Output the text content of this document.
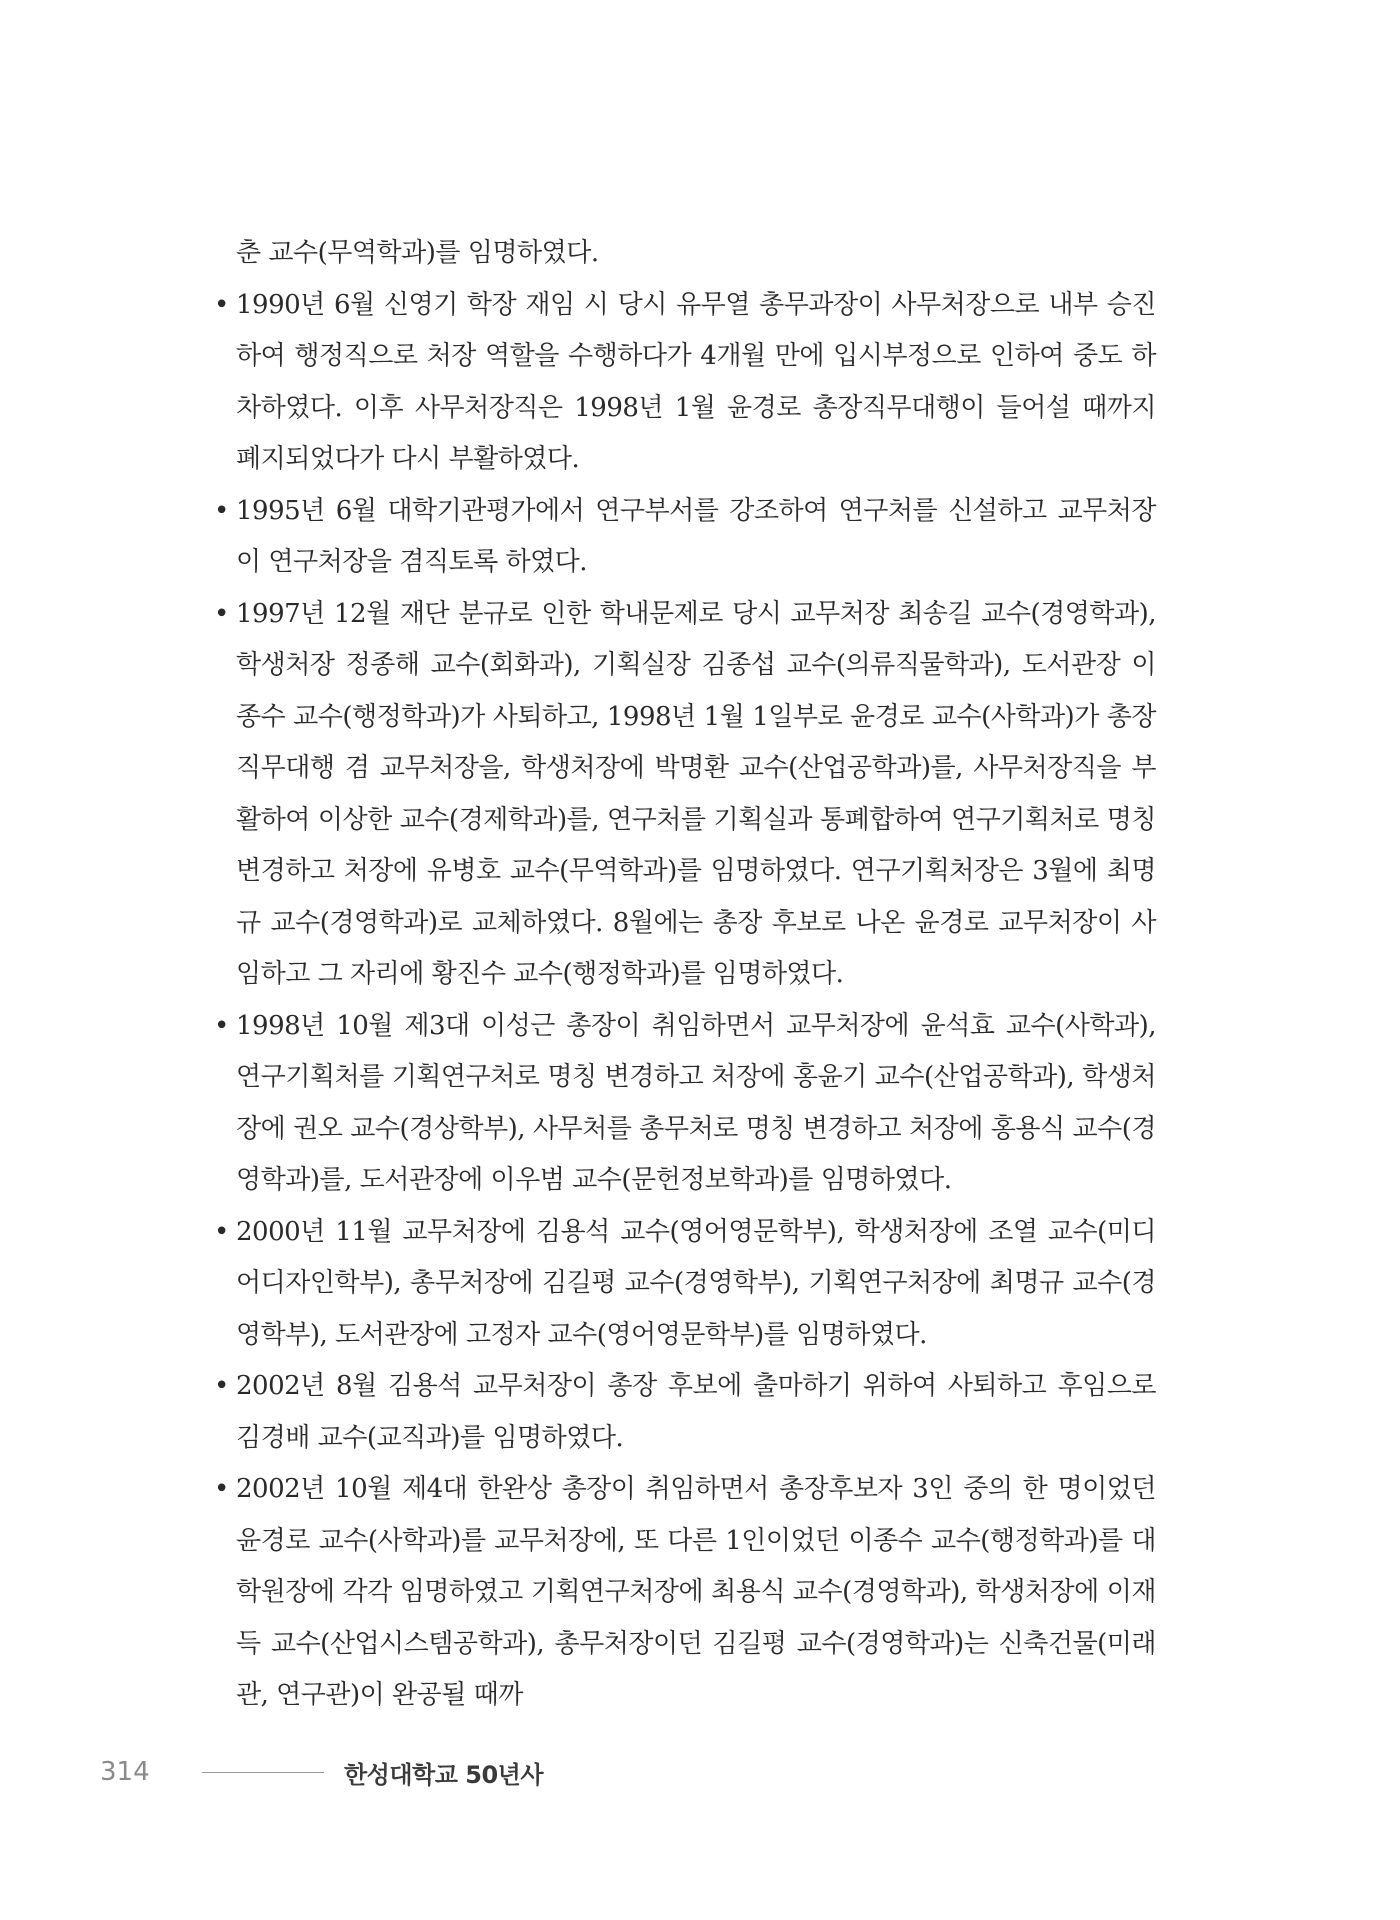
춘 교수(무역학과)를 임명하였다.

• 1990년 6월 신영기 학장 재임 시 당시 유무열 총무과장이 사무처장으로 내부 승진하여 행정직으로 처장 역할을 수행하다가 4개월 만에 입시부정으로 인하여 중도 하차하였다. 이후 사무처장직은 1998년 1월 윤경로 총장직무대행이 들어설 때까지 폐지되었다가 다시 부활하였다.
• 1995년 6월 대학기관평가에서 연구부서를 강조하여 연구처를 신설하고 교무처장이 연구처장을 겸직토록 하였다.
• 1997년 12월 재단 분규로 인한 학내문제로 당시 교무처장 최송길 교수(경영학과), 학생처장 정종해 교수(회화과), 기획실장 김종섭 교수(의류직물학과), 도서관장 이종수 교수(행정학과)가 사퇴하고, 1998년 1월 1일부로 윤경로 교수(사학과)가 총장직무대행 겸 교무처장을, 학생처장에 박명환 교수(산업공학과)를, 사무처장직을 부활하여 이상한 교수(경제학과)를, 연구처를 기획실과 통폐합하여 연구기획처로 명칭변경하고 처장에 유병호 교수(무역학과)를 임명하였다. 연구기획처장은 3월에 최명규 교수(경영학과)로 교체하였다. 8월에는 총장 후보로 나온 윤경로 교무처장이 사임하고 그 자리에 황진수 교수(행정학과)를 임명하였다.
• 1998년 10월 제3대 이성근 총장이 취임하면서 교무처장에 윤석효 교수(사학과), 연구기획처를 기획연구처로 명칭 변경하고 처장에 홍윤기 교수(산업공학과), 학생처장에 권오 교수(경상학부), 사무처를 총무처로 명칭 변경하고 처장에 홍용식 교수(경영학과)를, 도서관장에 이우범 교수(문헌정보학과)를 임명하였다.
• 2000년 11월 교무처장에 김용석 교수(영어영문학부), 학생처장에 조열 교수(미디어디자인학부), 총무처장에 김길평 교수(경영학부), 기획연구처장에 최명규 교수(경영학부), 도서관장에 고정자 교수(영어영문학부)를 임명하였다.
• 2002년 8월 김용석 교무처장이 총장 후보에 출마하기 위하여 사퇴하고 후임으로 김경배 교수(교직과)를 임명하였다.
• 2002년 10월 제4대 한완상 총장이 취임하면서 총장후보자 3인 중의 한 명이었던 윤경로 교수(사학과)를 교무처장에, 또 다른 1인이었던 이종수 교수(행정학과)를 대학원장에 각각 임명하였고 기획연구처장에 최용식 교수(경영학과), 학생처장에 이재득 교수(산업시스템공학과), 총무처장이던 김길평 교수(경영학과)는 신축건물(미래관, 연구관)이 완공될 때까
314	한성대학교 50년사
